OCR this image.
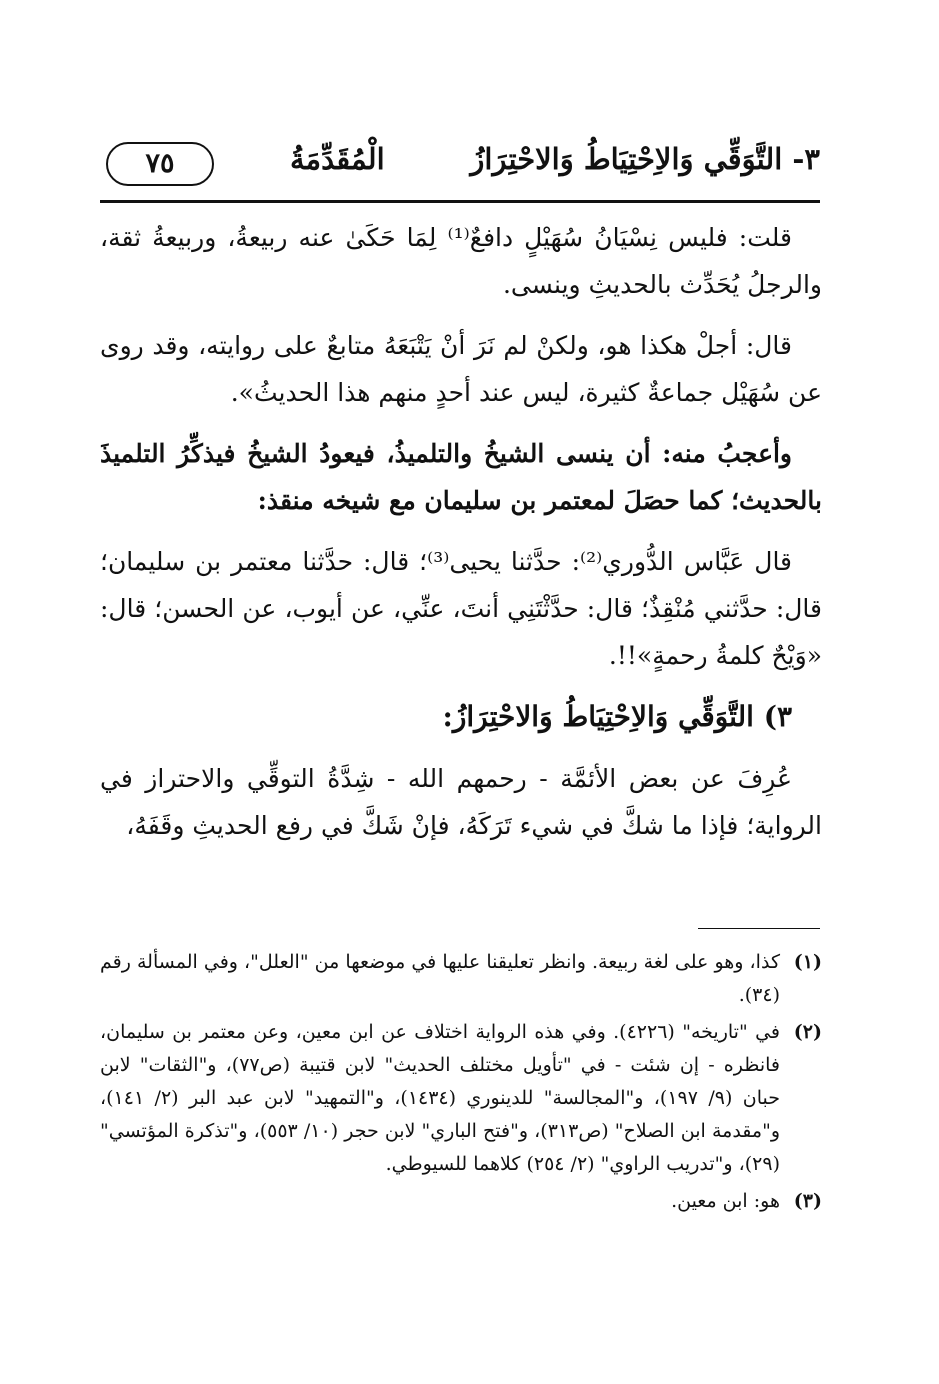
٣- التَّوَقِّي وَالاِحْتِيَاطُ وَالاحْتِرَازُ
الْمُقَدِّمَةُ
٧٥

قلت: فليس نِسْيَانُ سُهَيْلٍ دافعٌ⁽¹⁾ لِمَا حَكَىٰ عنه ربيعةُ، وربيعةُ ثقة، والرجلُ يُحَدِّث بالحديثِ وينسى.

قال: أجلْ هكذا هو، ولكنْ لم نَرَ أنْ يَتْبَعَهُ متابعٌ على روايته، وقد روى عن سُهَيْل جماعةٌ كثيرة، ليس عند أحدٍ منهم هذا الحديثُ».

وأعجبُ منه: أن ينسى الشيخُ والتلميذُ، فيعودُ الشيخُ فيذكِّرُ التلميذَ بالحديث؛ كما حصَلَ لمعتمر بن سليمان مع شيخه منقذ:

قال عَبَّاس الدُّوري⁽²⁾: حدَّثنا يحيى⁽³⁾؛ قال: حدَّثنا معتمر بن سليمان؛ قال: حدَّثني مُنْقِذٌ؛ قال: حدَّثْتَنِي أنتَ، عنِّي، عن أيوب، عن الحسن؛ قال: «وَيْحٌ كلمةُ رحمةٍ»!!.

٣) التَّوَقِّي وَالاِحْتِيَاطُ وَالاحْتِرَازُ:

عُرِفَ عن بعض الأئمَّة - رحمهم الله - شِدَّةُ التوقِّي والاحتراز في الرواية؛ فإذا ما شكَّ في شيء تَرَكَهُ، فإنْ شَكَّ في رفع الحديثِ وقَفَهُ،

(١)
كذا، وهو على لغة ربيعة. وانظر تعليقنا عليها في موضعها من "العلل"، وفي المسألة رقم (٣٤).
(٢)
في "تاريخه" (٤٢٢٦). وفي هذه الرواية اختلاف عن ابن معين، وعن معتمر بن سليمان، فانظره - إن شئت - في "تأويل مختلف الحديث" لابن قتيبة (ص٧٧)، و"الثقات" لابن حبان (٩/ ١٩٧)، و"المجالسة" للدينوري (١٤٣٤)، و"التمهيد" لابن عبد البر (٢/ ١٤١)، و"مقدمة ابن الصلاح" (ص٣١٣)، و"فتح الباري" لابن حجر (١٠/ ٥٥٣)، و"تذكرة المؤتسي" (٢٩)، و"تدريب الراوي" (٢/ ٢٥٤) كلاهما للسيوطي.
(٣)
هو: ابن معين.
